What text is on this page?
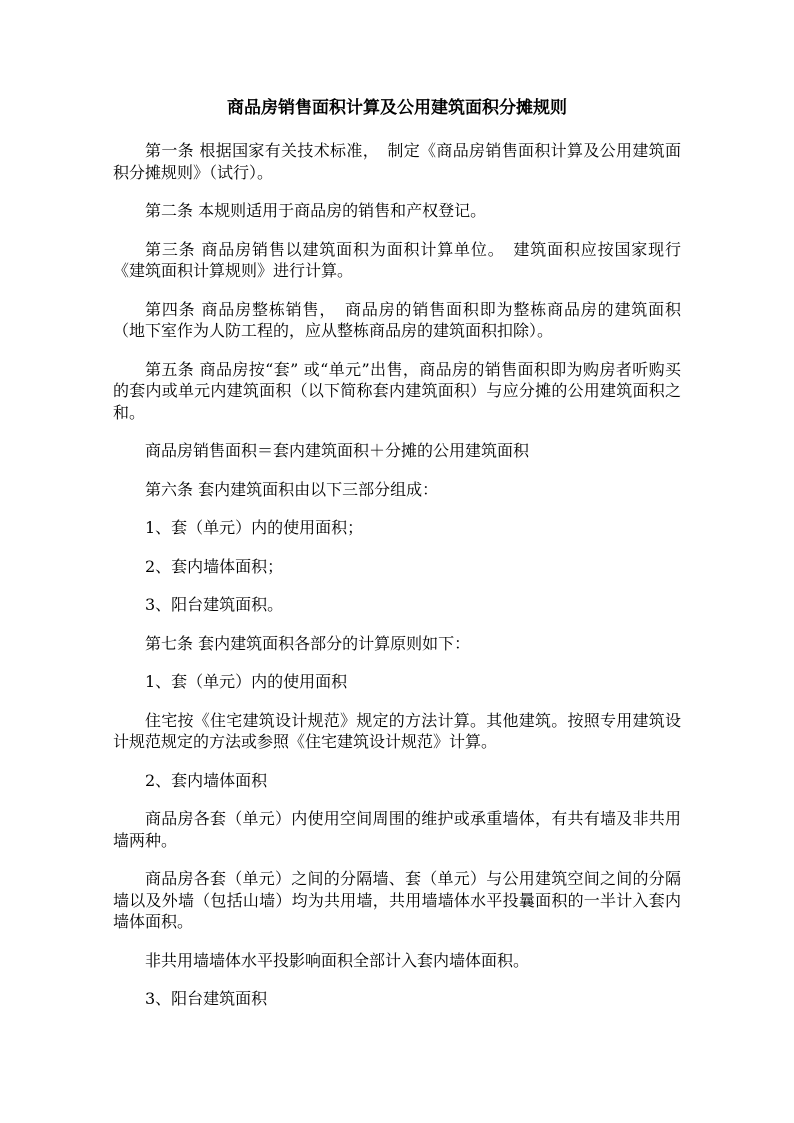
商品房销售面积计算及公用建筑面积分摊规则

第一条 根据国家有关技术标准，　制定《商品房销售面积计算及公用建筑面积分摊规则》（试行）。

第二条 本规则适用于商品房的销售和产权登记。

第三条 商品房销售以建筑面积为面积计算单位。　建筑面积应按国家现行《建筑面积计算规则》进行计算。

第四条 商品房整栋销售，　商品房的销售面积即为整栋商品房的建筑面积（地下室作为人防工程的，应从整栋商品房的建筑面积扣除）。

第五条 商品房按“套” 或“单元”出售，商品房的销售面积即为购房者听购买的套内或单元内建筑面积（以下简称套内建筑面积）与应分摊的公用建筑面积之和。

商品房销售面积＝套内建筑面积＋分摊的公用建筑面积

第六条 套内建筑面积由以下三部分组成：

1、套（单元）内的使用面积；

2、套内墙体面积；

3、阳台建筑面积。

第七条 套内建筑面积各部分的计算原则如下：

1、套（单元）内的使用面积

住宅按《住宅建筑设计规范》规定的方法计算。其他建筑。按照专用建筑设计规范规定的方法或参照《住宅建筑设计规范》计算。

2、套内墙体面积

商品房各套（单元）内使用空间周围的维护或承重墙体，有共有墙及非共用墙两种。

商品房各套（单元）之间的分隔墙、套（单元）与公用建筑空间之间的分隔墙以及外墙（包括山墙）均为共用墙，共用墙墙体水平投曩面积的一半计入套内墙体面积。

非共用墙墙体水平投影响面积全部计入套内墙体面积。

3、阳台建筑面积
